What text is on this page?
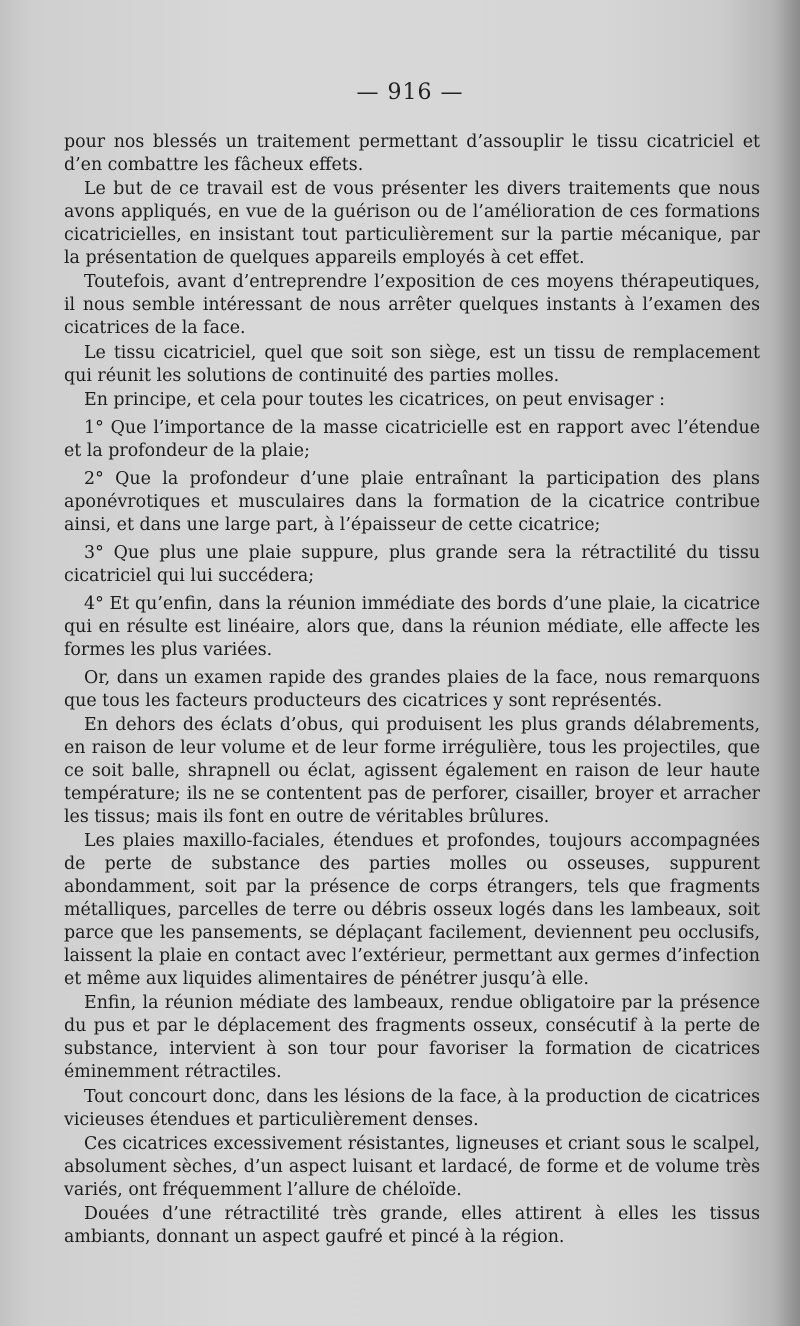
— 916 —

pour nos blessés un traitement permettant d’assouplir le tissu cicatriciel et d’en combattre les fâcheux effets.

Le but de ce travail est de vous présenter les divers traitements que nous avons appliqués, en vue de la guérison ou de l’amélioration de ces formations cicatricielles, en insistant tout particulièrement sur la partie mécanique, par la présentation de quelques appareils employés à cet effet.

Toutefois, avant d’entreprendre l’exposition de ces moyens thérapeutiques, il nous semble intéressant de nous arrêter quelques instants à l’examen des cicatrices de la face.

Le tissu cicatriciel, quel que soit son siège, est un tissu de remplacement qui réunit les solutions de continuité des parties molles.

En principe, et cela pour toutes les cicatrices, on peut envisager :

1° Que l’importance de la masse cicatricielle est en rapport avec l’étendue et la profondeur de la plaie;

2° Que la profondeur d’une plaie entraînant la participation des plans aponévrotiques et musculaires dans la formation de la cicatrice contribue ainsi, et dans une large part, à l’épaisseur de cette cicatrice;

3° Que plus une plaie suppure, plus grande sera la rétractilité du tissu cicatriciel qui lui succédera;

4° Et qu’enfin, dans la réunion immédiate des bords d’une plaie, la cicatrice qui en résulte est linéaire, alors que, dans la réunion médiate, elle affecte les formes les plus variées.

Or, dans un examen rapide des grandes plaies de la face, nous remarquons que tous les facteurs producteurs des cicatrices y sont représentés.

En dehors des éclats d’obus, qui produisent les plus grands délabrements, en raison de leur volume et de leur forme irrégulière, tous les projectiles, que ce soit balle, shrapnell ou éclat, agissent également en raison de leur haute température; ils ne se contentent pas de perforer, cisailler, broyer et arracher les tissus; mais ils font en outre de véritables brûlures.

Les plaies maxillo-faciales, étendues et profondes, toujours accompagnées de perte de substance des parties molles ou osseuses, suppurent abondamment, soit par la présence de corps étrangers, tels que fragments métalliques, parcelles de terre ou débris osseux logés dans les lambeaux, soit parce que les pansements, se déplaçant facilement, deviennent peu occlusifs, laissent la plaie en contact avec l’extérieur, permettant aux germes d’infection et même aux liquides alimentaires de pénétrer jusqu’à elle.

Enfin, la réunion médiate des lambeaux, rendue obligatoire par la présence du pus et par le déplacement des fragments osseux, consécutif à la perte de substance, intervient à son tour pour favoriser la formation de cicatrices éminemment rétractiles.

Tout concourt donc, dans les lésions de la face, à la production de cicatrices vicieuses étendues et particulièrement denses.

Ces cicatrices excessivement résistantes, ligneuses et criant sous le scalpel, absolument sèches, d’un aspect luisant et lardacé, de forme et de volume très variés, ont fréquemment l’allure de chéloïde.

Douées d’une rétractilité très grande, elles attirent à elles les tissus ambiants, donnant un aspect gaufré et pincé à la région.
